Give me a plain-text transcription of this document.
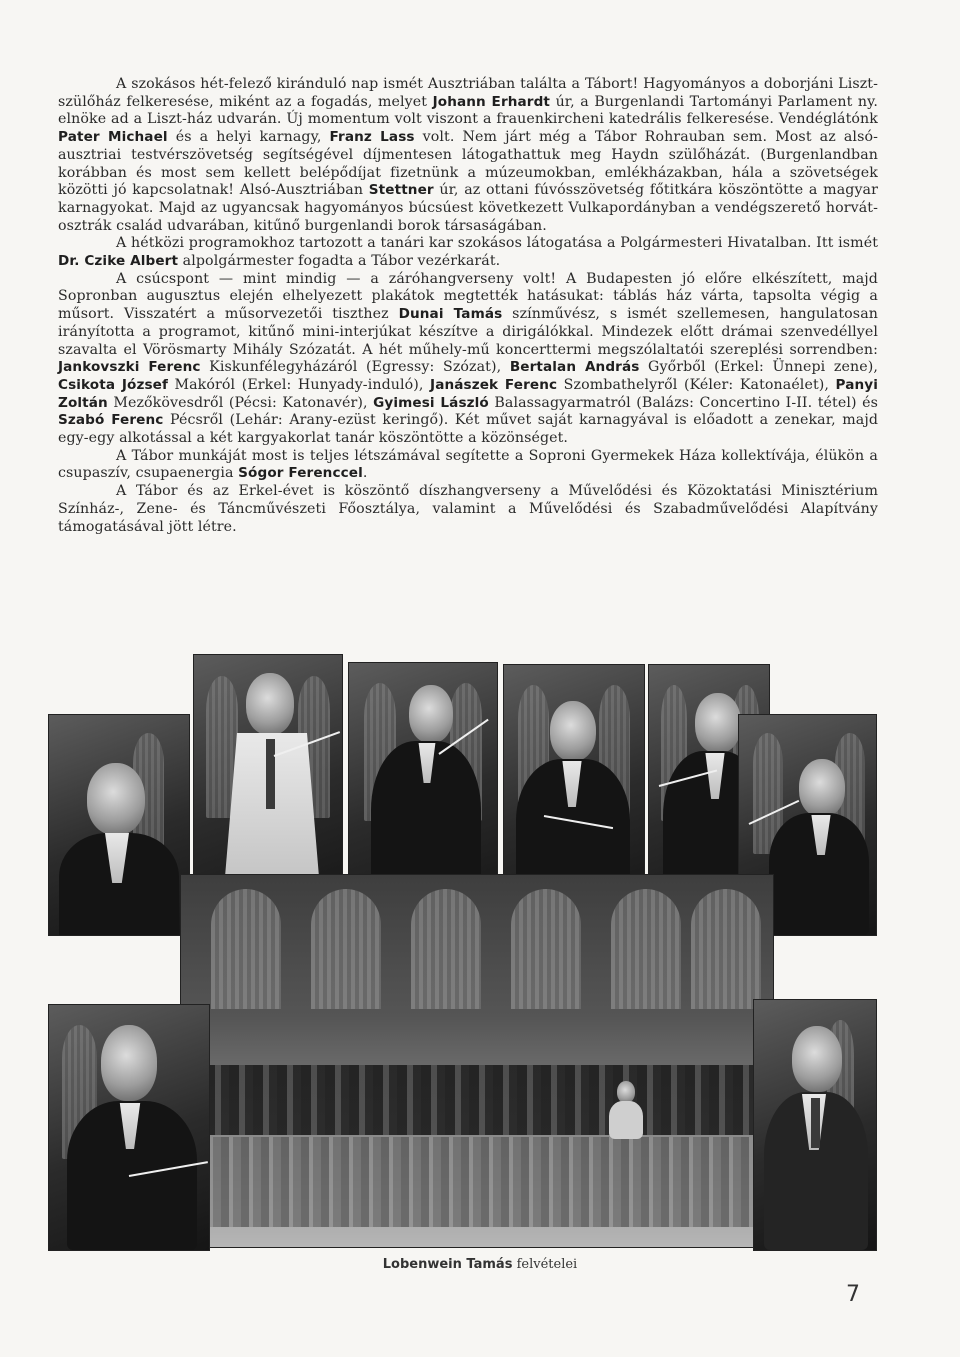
A szokásos hét-felező kiránduló nap ismét Ausztriában találta a Tábort! Hagyományos a doborjáni Liszt-szülőház felkeresése, miként az a fogadás, melyet Johann Erhardt úr, a Burgenlandi Tartományi Parlament ny. elnöke ad a Liszt-ház udvarán. Új momentum volt viszont a frauenkircheni katedrális felkeresése. Vendéglátónk Pater Michael és a helyi karnagy, Franz Lass volt. Nem járt még a Tábor Rohrauban sem. Most az alsó-ausztriai testvérszövetség segítségével díjmentesen látogathattuk meg Haydn szülőházát. (Burgenlandban korábban és most sem kellett belépődíjat fizetnünk a múzeumokban, emlékházakban, hála a szövetségek közötti jó kapcsolatnak! Alsó-Ausztriában Stettner úr, az ottani fúvósszövetség főtitkára köszöntötte a magyar karnagyokat. Majd az ugyancsak hagyományos búcsúest következett Vulkapordányban a vendégszerető horvát-osztrák család udvarában, kitűnő burgenlandi borok társaságában.

A hétközi programokhoz tartozott a tanári kar szokásos látogatása a Polgármesteri Hivatalban. Itt ismét Dr. Czike Albert alpolgármester fogadta a Tábor vezérkarát.

A csúcspont — mint mindig — a záróhangverseny volt! A Budapesten jó előre elkészített, majd Sopronban augusztus elején elhelyezett plakátok megtették hatásukat: táblás ház várta, tapsolta végig a műsort. Visszatért a műsorvezetői tiszthez Dunai Tamás színművész, s ismét szellemesen, hangulatosan irányította a programot, kitűnő mini-interjúkat készítve a dirigálókkal. Mindezek előtt drámai szenvedéllyel szavalta el Vörösmarty Mihály Szózatát. A hét műhely-mű koncerttermi megszólaltatói szereplési sorrendben: Jankovszki Ferenc Kiskunfélegyházáról (Egressy: Szózat), Bertalan András Győrből (Erkel: Ünnepi zene), Csikota József Makóról (Erkel: Hunyady-induló), Janászek Ferenc Szombathelyről (Kéler: Katonaélet), Panyi Zoltán Mezőkövesdről (Pécsi: Katonavér), Gyimesi László Balassagyarmatról (Balázs: Concertino I-II. tétel) és Szabó Ferenc Pécsről (Lehár: Arany-ezüst keringő). Két művet saját karnagyával is előadott a zenekar, majd egy-egy alkotással a két kargyakorlat tanár köszöntötte a közönséget.

A Tábor munkáját most is teljes létszámával segítette a Soproni Gyermekek Háza kollektívája, élükön a csupaszív, csupaenergia Sógor Ferenccel.

A Tábor és az Erkel-évet is köszöntő díszhangverseny a Művelődési és Közoktatási Minisztérium Színház-, Zene- és Táncművészeti Főosztálya, valamint a Művelődési és Szabadművelődési Alapítvány támogatásával jött létre.

Lobenwein Tamás felvételei
7
